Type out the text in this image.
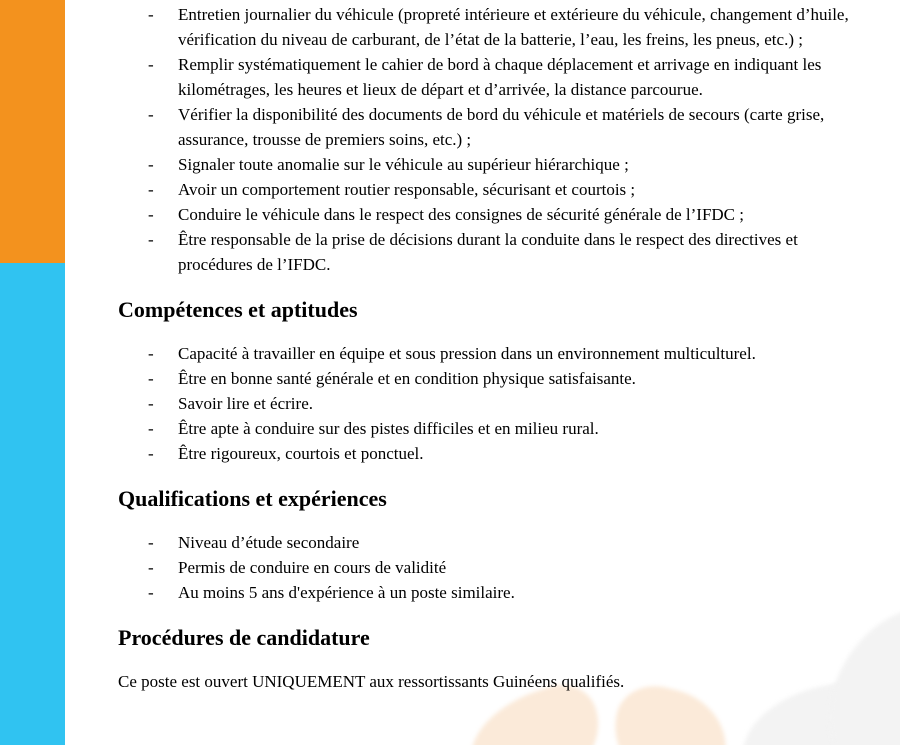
-	Entretien journalier du véhicule (propreté intérieure et extérieure du véhicule, changement d’huile, vérification du niveau de carburant, de l’état de la batterie, l’eau, les freins, les pneus, etc.) ;
-	Remplir systématiquement le cahier de bord à chaque déplacement et arrivage en indiquant les kilométrages, les heures et lieux de départ et d’arrivée, la distance parcourue.
-	Vérifier la disponibilité des documents de bord du véhicule et matériels de secours (carte grise, assurance, trousse de premiers soins, etc.) ;
-	Signaler toute anomalie sur le véhicule au supérieur hiérarchique ;
-	Avoir un comportement routier responsable, sécurisant et courtois ;
-	Conduire le véhicule dans le respect des consignes de sécurité générale de l’IFDC ;
-	Être responsable de la prise de décisions durant la conduite dans le respect des directives et procédures de l’IFDC.
Compétences et aptitudes
-	Capacité à travailler en équipe et sous pression dans un environnement multiculturel.
-	Être en bonne santé générale et en condition physique satisfaisante.
-	Savoir lire et écrire.
-	Être apte à conduire sur des pistes difficiles et en milieu rural.
-	Être rigoureux, courtois et ponctuel.
Qualifications et expériences
-	Niveau d’étude secondaire
-	Permis de conduire en cours de validité
-	Au moins 5 ans d'expérience à un poste similaire.
Procédures de candidature

Ce poste est ouvert UNIQUEMENT aux ressortissants Guinéens qualifiés.
